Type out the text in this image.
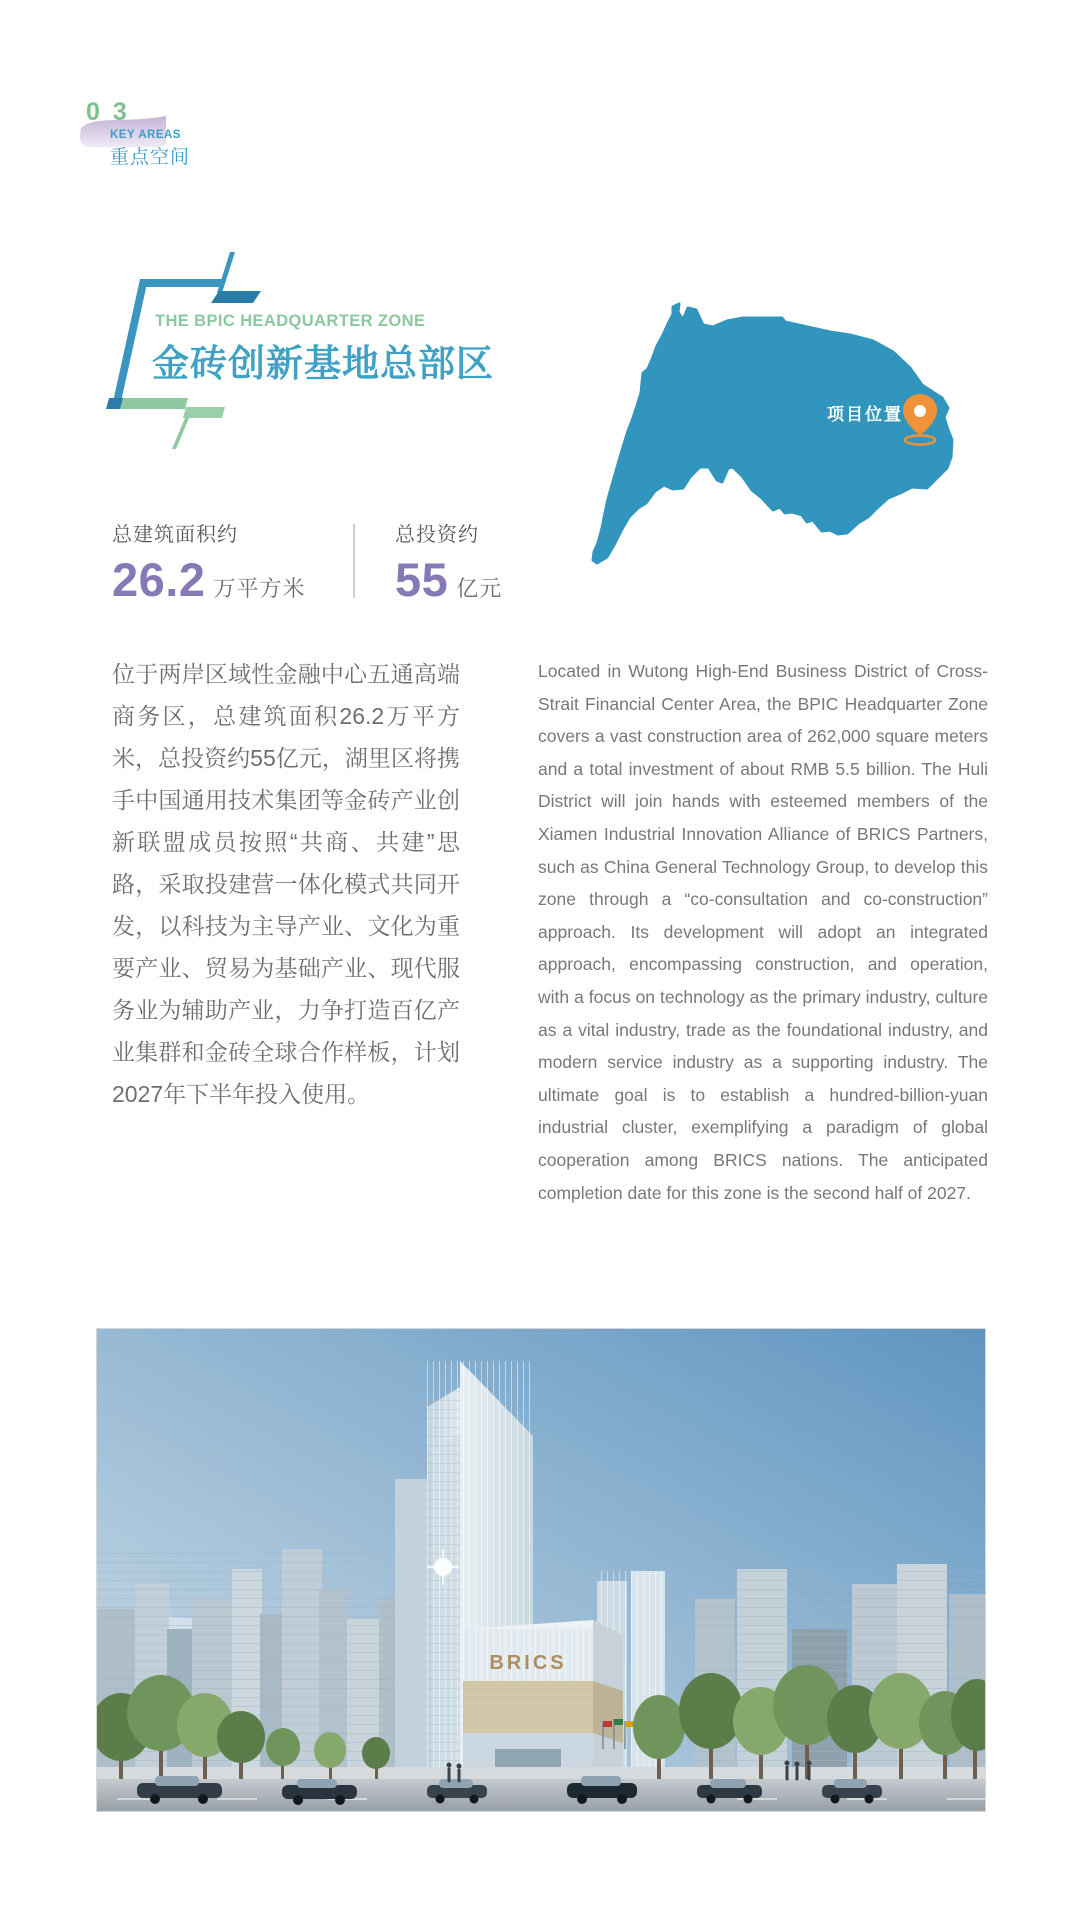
0 3
KEY AREAS
重点空间
THE BPIC HEADQUARTER ZONE
金砖创新基地总部区
项目位置
总建筑面积约
26.2 万平方米
总投资约
55 亿元
位于两岸区域性金融中心五通高端商务区，总建筑面积26.2万平方米，总投资约55亿元，湖里区将携手中国通用技术集团等金砖产业创新联盟成员按照“共商、共建”思路，采取投建营一体化模式共同开发，以科技为主导产业、文化为重要产业、贸易为基础产业、现代服务业为辅助产业，力争打造百亿产业集群和金砖全球合作样板，计划2027年下半年投入使用。
Located in Wutong High-End Business District of Cross-Strait Financial Center Area, the BPIC Headquarter Zone covers a vast construction area of 262,000 square meters and a total investment of about RMB 5.5 billion. The Huli District will join hands with esteemed members of the Xiamen Industrial Innovation Alliance of BRICS Partners, such as China General Technology Group, to develop this zone through a “co-consultation and co-construction” approach. Its development will adopt an integrated approach, encompassing construction, and operation, with a focus on technology as the primary industry, culture as a vital industry, trade as the foundational industry, and modern service industry as a supporting industry. The ultimate goal is to establish a hundred-billion-yuan industrial cluster, exemplifying a paradigm of global cooperation among BRICS nations. The anticipated completion date for this zone is the second half of 2027.
BRICS
